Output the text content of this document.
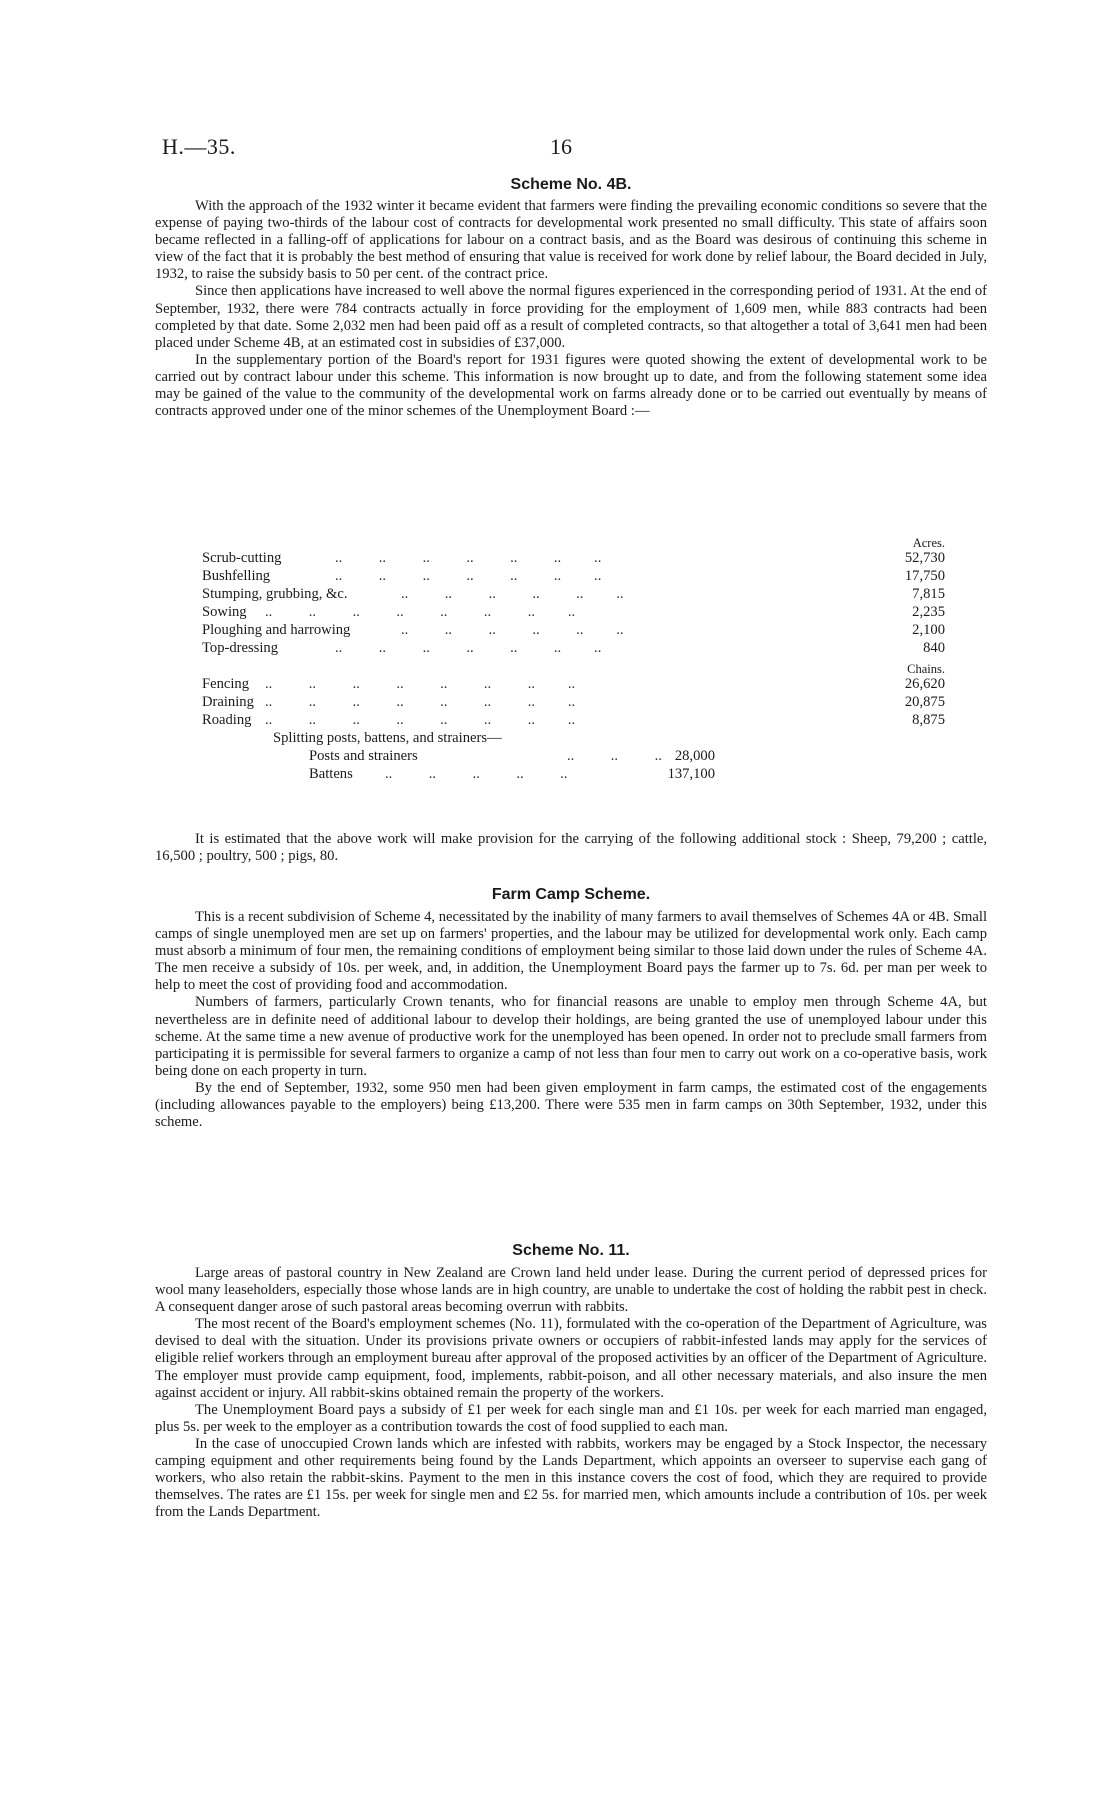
H.—35.	16
Scheme No. 4B.

With the approach of the 1932 winter it became evident that farmers were finding the prevailing economic conditions so severe that the expense of paying two-thirds of the labour cost of contracts for developmental work presented no small difficulty. This state of affairs soon became reflected in a falling-off of applications for labour on a contract basis, and as the Board was desirous of continuing this scheme in view of the fact that it is probably the best method of ensuring that value is received for work done by relief labour, the Board decided in July, 1932, to raise the subsidy basis to 50 per cent. of the contract price.

Since then applications have increased to well above the normal figures experienced in the corresponding period of 1931. At the end of September, 1932, there were 784 contracts actually in force providing for the employment of 1,609 men, while 883 contracts had been completed by that date. Some 2,032 men had been paid off as a result of completed contracts, so that altogether a total of 3,641 men had been placed under Scheme 4B, at an estimated cost in subsidies of £37,000.

In the supplementary portion of the Board's report for 1931 figures were quoted showing the extent of developmental work to be carried out by contract labour under this scheme. This information is now brought up to date, and from the following statement some idea may be gained of the value to the community of the developmental work on farms already done or to be carried out eventually by means of contracts approved under one of the minor schemes of the Unemployment Board :—

Acres.
Scrub-cutting	..          ..          ..          ..          ..          ..         ..	52,730
Bushfelling	..          ..          ..          ..          ..          ..         ..	17,750
Stumping, grubbing, &c.	..          ..          ..          ..          ..         ..	7,815
Sowing ..          ..          ..          ..          ..          ..          ..         ..	2,235
Ploughing and harrowing	..          ..          ..          ..          ..         ..	2,100
Top-dressing	..          ..          ..          ..          ..          ..         ..	840
Chains.
Fencing ..          ..          ..          ..          ..          ..          ..         ..	26,620
Draining ..          ..          ..          ..          ..          ..          ..         ..	20,875
Roading ..          ..          ..          ..          ..          ..          ..         ..	8,875
Splitting posts, battens, and strainers—
Posts and strainers	..          ..          .. 28,000
Battens ..          ..          ..          ..          ..	137,100

It is estimated that the above work will make provision for the carrying of the following additional stock : Sheep, 79,200 ; cattle, 16,500 ; poultry, 500 ; pigs, 80.

Farm Camp Scheme.

This is a recent subdivision of Scheme 4, necessitated by the inability of many farmers to avail themselves of Schemes 4A or 4B. Small camps of single unemployed men are set up on farmers' properties, and the labour may be utilized for developmental work only. Each camp must absorb a minimum of four men, the remaining conditions of employment being similar to those laid down under the rules of Scheme 4A. The men receive a subsidy of 10s. per week, and, in addition, the Unemployment Board pays the farmer up to 7s. 6d. per man per week to help to meet the cost of providing food and accommodation.

Numbers of farmers, particularly Crown tenants, who for financial reasons are unable to employ men through Scheme 4A, but nevertheless are in definite need of additional labour to develop their holdings, are being granted the use of unemployed labour under this scheme. At the same time a new avenue of productive work for the unemployed has been opened. In order not to preclude small farmers from participating it is permissible for several farmers to organize a camp of not less than four men to carry out work on a co-operative basis, work being done on each property in turn.

By the end of September, 1932, some 950 men had been given employment in farm camps, the estimated cost of the engagements (including allowances payable to the employers) being £13,200. There were 535 men in farm camps on 30th September, 1932, under this scheme.

Scheme No. 11.

Large areas of pastoral country in New Zealand are Crown land held under lease. During the current period of depressed prices for wool many leaseholders, especially those whose lands are in high country, are unable to undertake the cost of holding the rabbit pest in check. A consequent danger arose of such pastoral areas becoming overrun with rabbits.

The most recent of the Board's employment schemes (No. 11), formulated with the co-operation of the Department of Agriculture, was devised to deal with the situation. Under its provisions private owners or occupiers of rabbit-infested lands may apply for the services of eligible relief workers through an employment bureau after approval of the proposed activities by an officer of the Department of Agriculture. The employer must provide camp equipment, food, implements, rabbit-poison, and all other necessary materials, and also insure the men against accident or injury. All rabbit-skins obtained remain the property of the workers.

The Unemployment Board pays a subsidy of £1 per week for each single man and £1 10s. per week for each married man engaged, plus 5s. per week to the employer as a contribution towards the cost of food supplied to each man.

In the case of unoccupied Crown lands which are infested with rabbits, workers may be engaged by a Stock Inspector, the necessary camping equipment and other requirements being found by the Lands Department, which appoints an overseer to supervise each gang of workers, who also retain the rabbit-skins. Payment to the men in this instance covers the cost of food, which they are required to provide themselves. The rates are £1 15s. per week for single men and £2 5s. for married men, which amounts include a contribution of 10s. per week from the Lands Department.
